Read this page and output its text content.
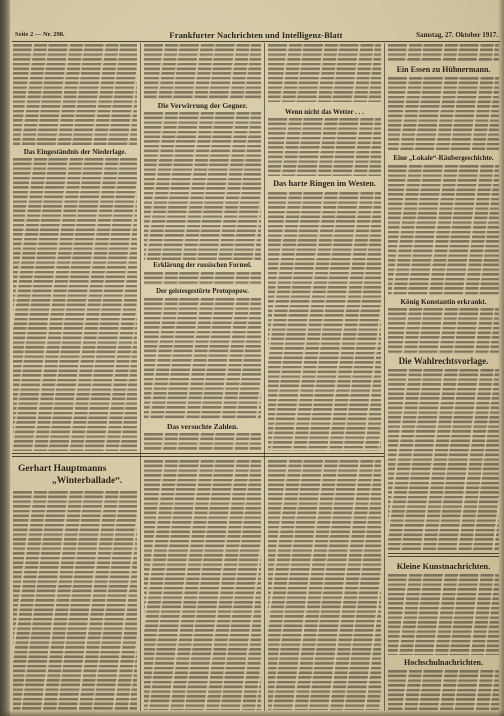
Seite 2 — Nr. 298.	Frankfurter Nachrichten und Intelligenz-Blatt	Samstag, 27. Oktober 1917.
Das Eingeständnis der Niederlage.
Gerhart Hauptmanns
„Winterballade“.
Die Verwirrung der Gegner.
Erklärung der russischen Formel.
Der geistesgestörte Protopopow.
Das versuchte Zahlen.
Wenn nicht das Wetter . . .
Das harte Ringen im Westen.
Ein Essen zu Hühnermann.
Eine „Lokale“-Räubergeschichte.
König Konstantin erkrankt.
Die Wahlrechtsvorlage.
Kleine Kunstnachrichten.
Hochschulnachrichten.
